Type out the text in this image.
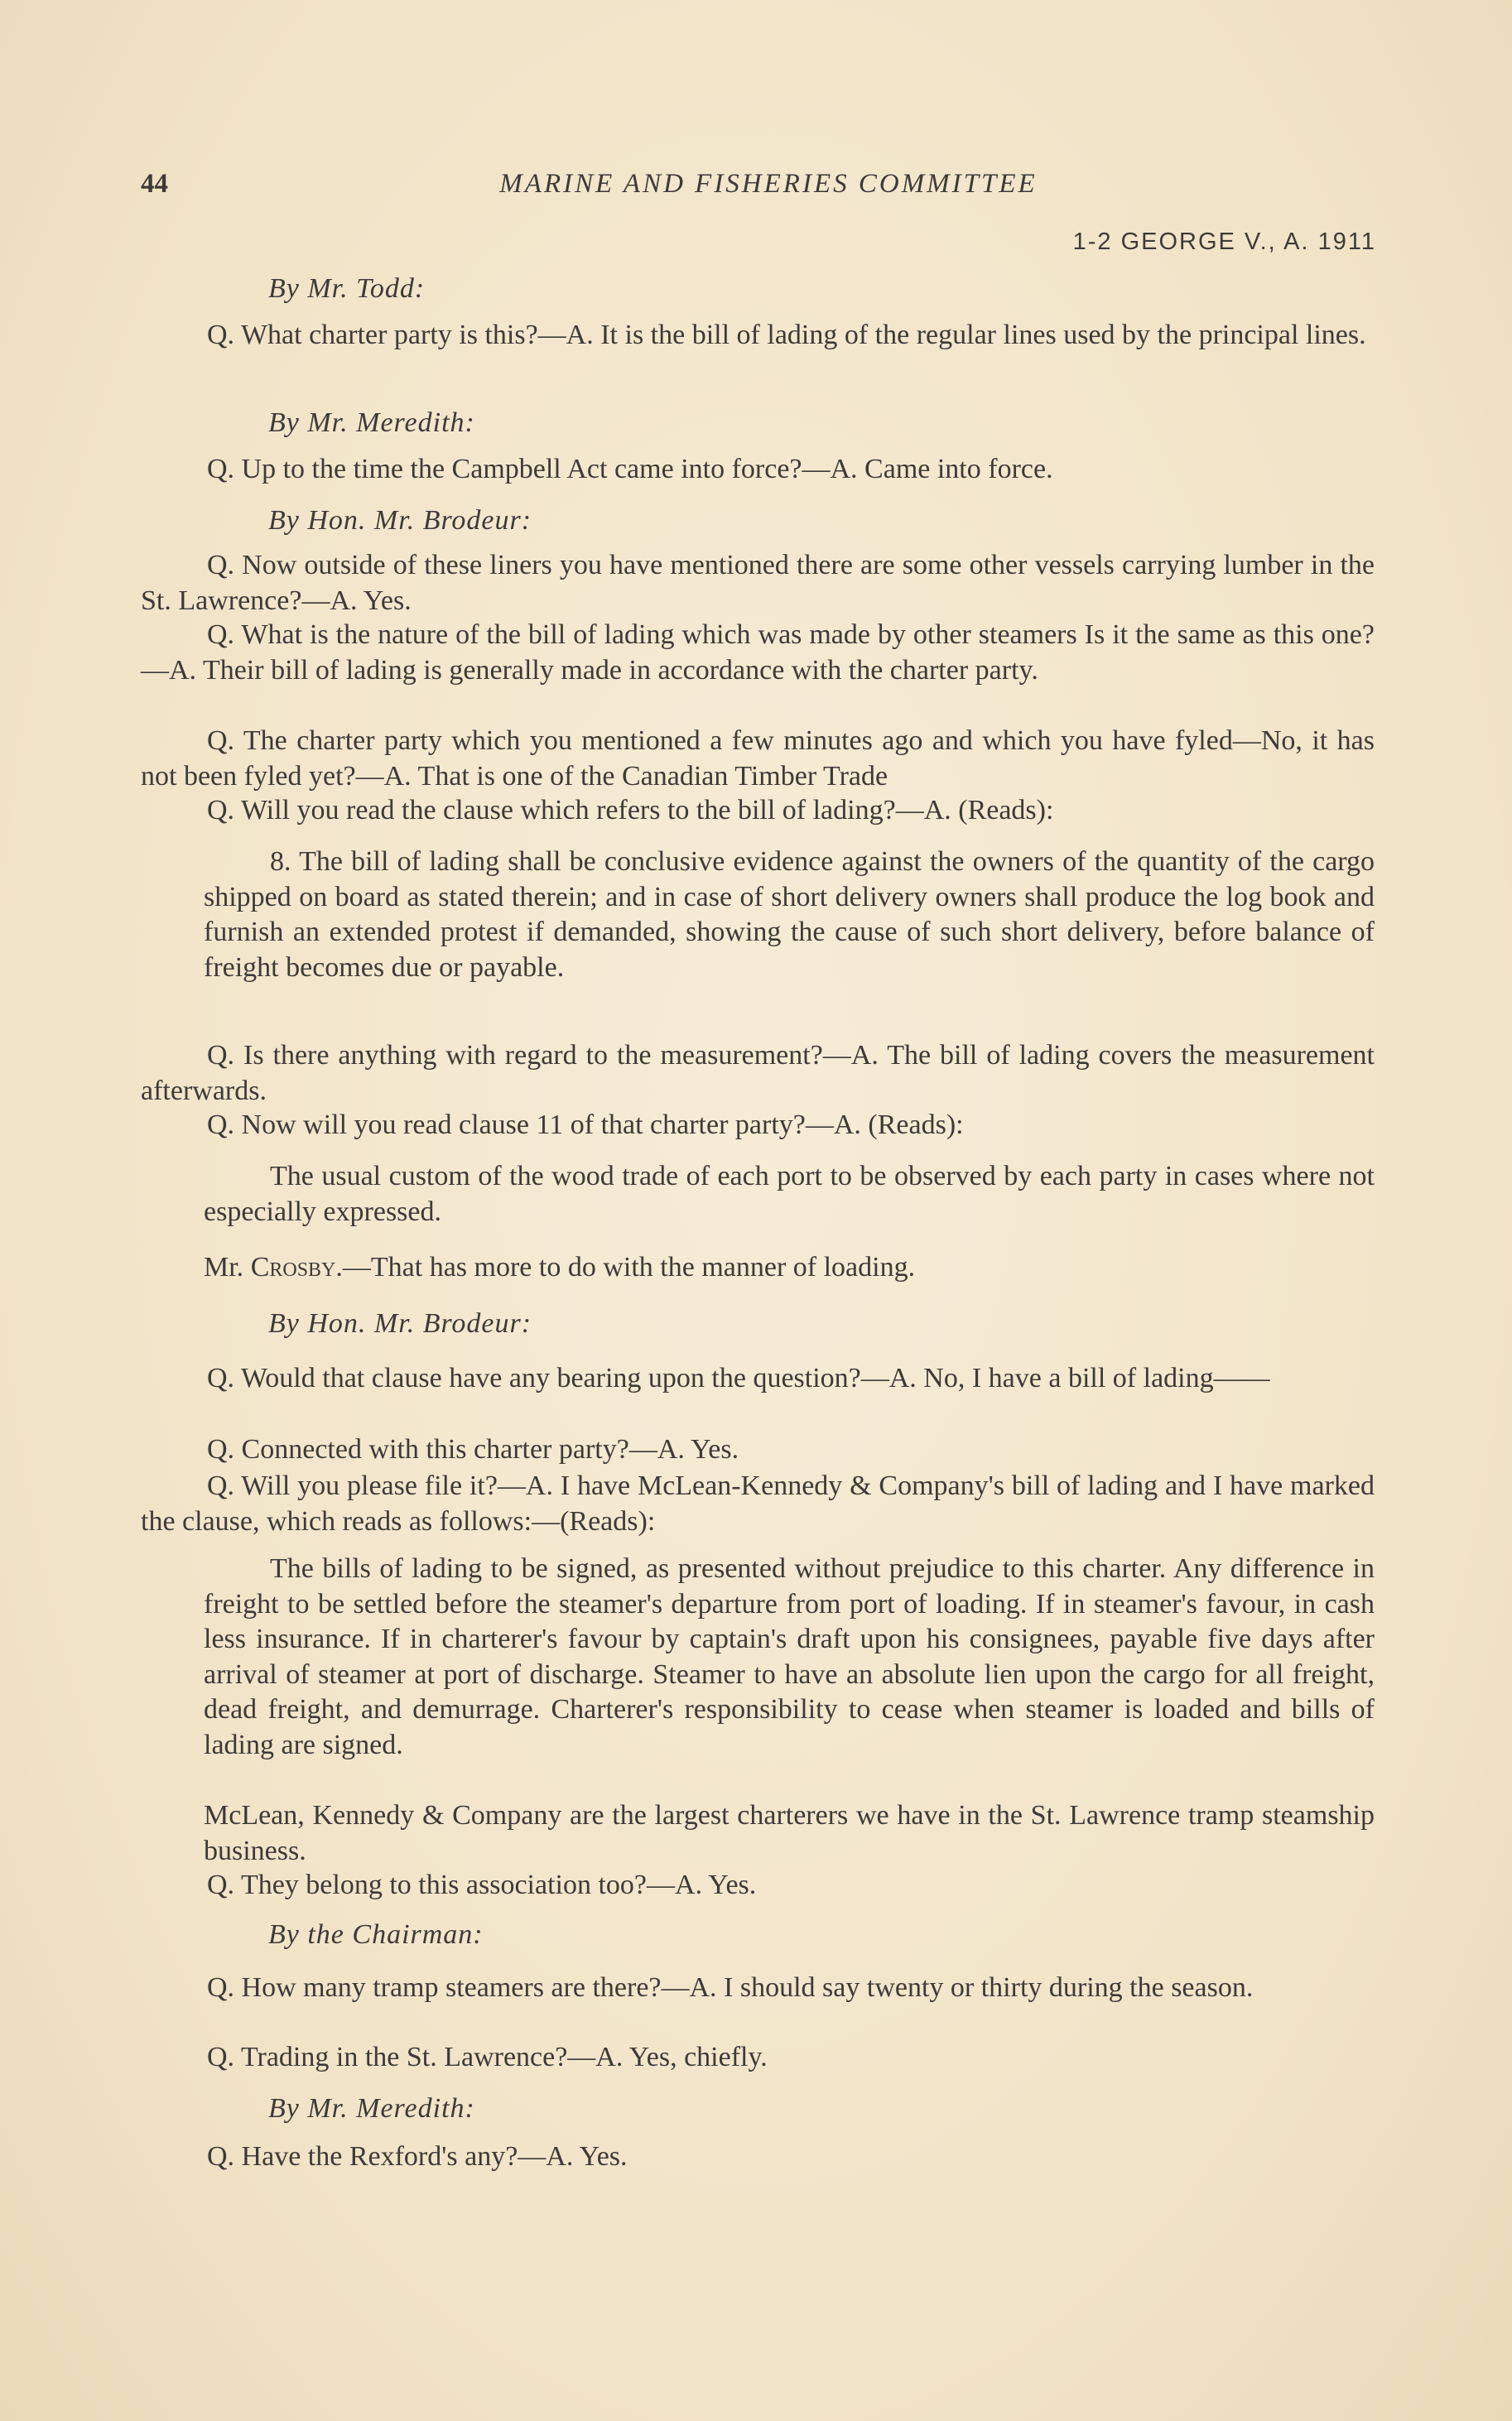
44	MARINE AND FISHERIES COMMITTEE
1-2 GEORGE V., A. 1911
By Mr. Todd:
Q. What charter party is this?—A. It is the bill of lading of the regular lines used by the principal lines.
By Mr. Meredith:
Q. Up to the time the Campbell Act came into force?—A. Came into force.
By Hon. Mr. Brodeur:
Q. Now outside of these liners you have mentioned there are some other vessels carrying lumber in the St. Lawrence?—A. Yes.
Q. What is the nature of the bill of lading which was made by other steamers Is it the same as this one?—A. Their bill of lading is generally made in accordance with the charter party.
Q. The charter party which you mentioned a few minutes ago and which you have fyled—No, it has not been fyled yet?—A. That is one of the Canadian Timber Trade
Q. Will you read the clause which refers to the bill of lading?—A. (Reads):
8. The bill of lading shall be conclusive evidence against the owners of the quantity of the cargo shipped on board as stated therein; and in case of short delivery owners shall produce the log book and furnish an extended protest if demanded, showing the cause of such short delivery, before balance of freight becomes due or payable.
Q. Is there anything with regard to the measurement?—A. The bill of lading covers the measurement afterwards.
Q. Now will you read clause 11 of that charter party?—A. (Reads):
The usual custom of the wood trade of each port to be observed by each party in cases where not especially expressed.
Mr. Crosby.—That has more to do with the manner of loading.
By Hon. Mr. Brodeur:
Q. Would that clause have any bearing upon the question?—A. No, I have a bill of lading——
Q. Connected with this charter party?—A. Yes.
Q. Will you please file it?—A. I have McLean-Kennedy & Company's bill of lading and I have marked the clause, which reads as follows:—(Reads):
The bills of lading to be signed, as presented without prejudice to this charter. Any difference in freight to be settled before the steamer's departure from port of loading. If in steamer's favour, in cash less insurance. If in charterer's favour by captain's draft upon his consignees, payable five days after arrival of steamer at port of discharge. Steamer to have an absolute lien upon the cargo for all freight, dead freight, and demurrage. Charterer's responsibility to cease when steamer is loaded and bills of lading are signed.
McLean, Kennedy & Company are the largest charterers we have in the St. Lawrence tramp steamship business.
Q. They belong to this association too?—A. Yes.
By the Chairman:
Q. How many tramp steamers are there?—A. I should say twenty or thirty during the season.
Q. Trading in the St. Lawrence?—A. Yes, chiefly.
By Mr. Meredith:
Q. Have the Rexford's any?—A. Yes.
